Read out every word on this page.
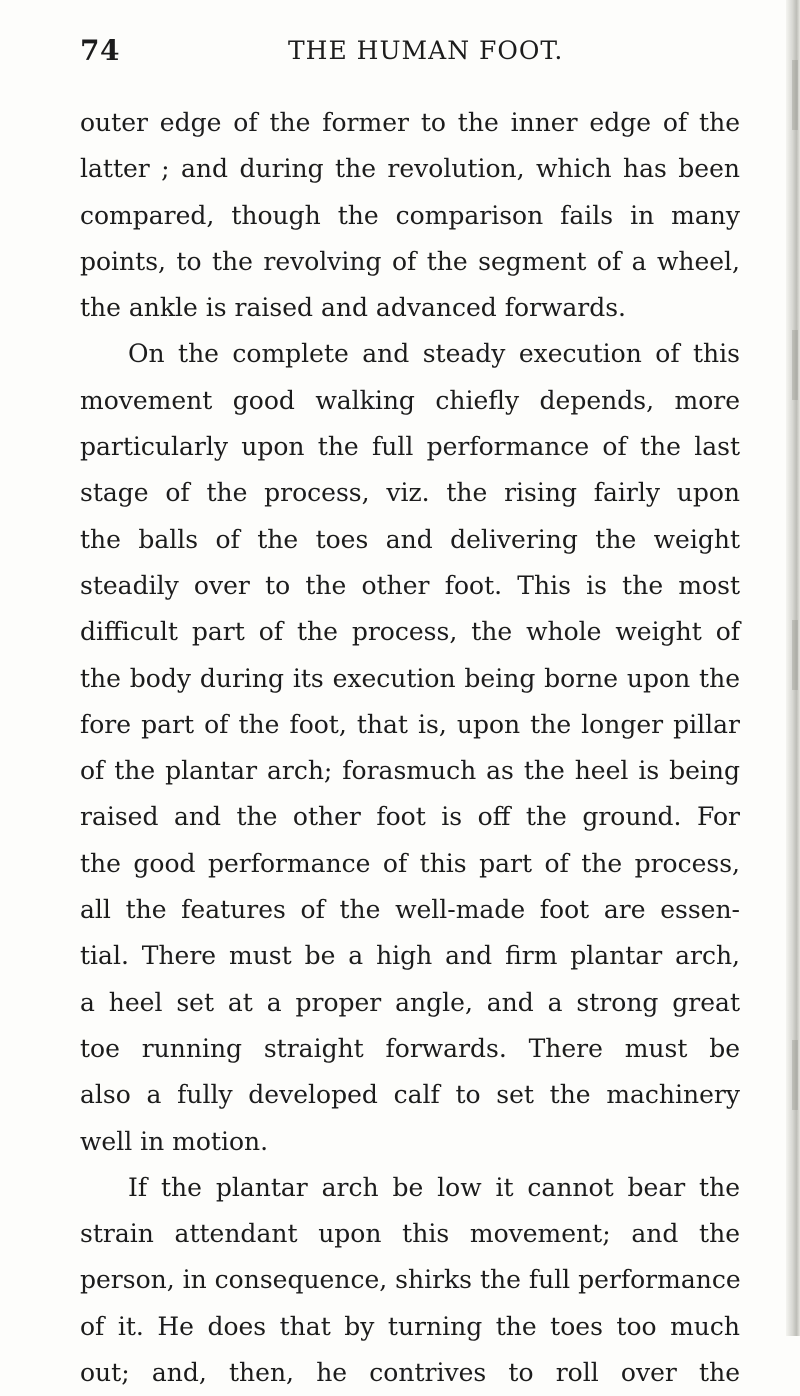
74	THE HUMAN FOOT.
outer edge of the former to the inner edge of the
latter ; and during the revolution, which has been
compared, though the comparison fails in many
points, to the revolving of the segment of a wheel,
the ankle is raised and advanced forwards.
On the complete and steady execution of this
movement good walking chiefly depends, more
particularly upon the full performance of the last
stage of the process, viz. the rising fairly upon
the balls of the toes and delivering the weight
steadily over to the other foot. This is the most
difficult part of the process, the whole weight of
the body during its execution being borne upon the
fore part of the foot, that is, upon the longer pillar
of the plantar arch; forasmuch as the heel is being
raised and the other foot is off the ground. For
the good performance of this part of the process,
all the features of the well-made foot are essen-
tial. There must be a high and firm plantar arch,
a heel set at a proper angle, and a strong great
toe running straight forwards. There must be
also a fully developed calf to set the machinery
well in motion.
If the plantar arch be low it cannot bear the
strain attendant upon this movement; and the
person, in consequence, shirks the full performance
of it. He does that by turning the toes too much
out; and, then, he contrives to roll over the
